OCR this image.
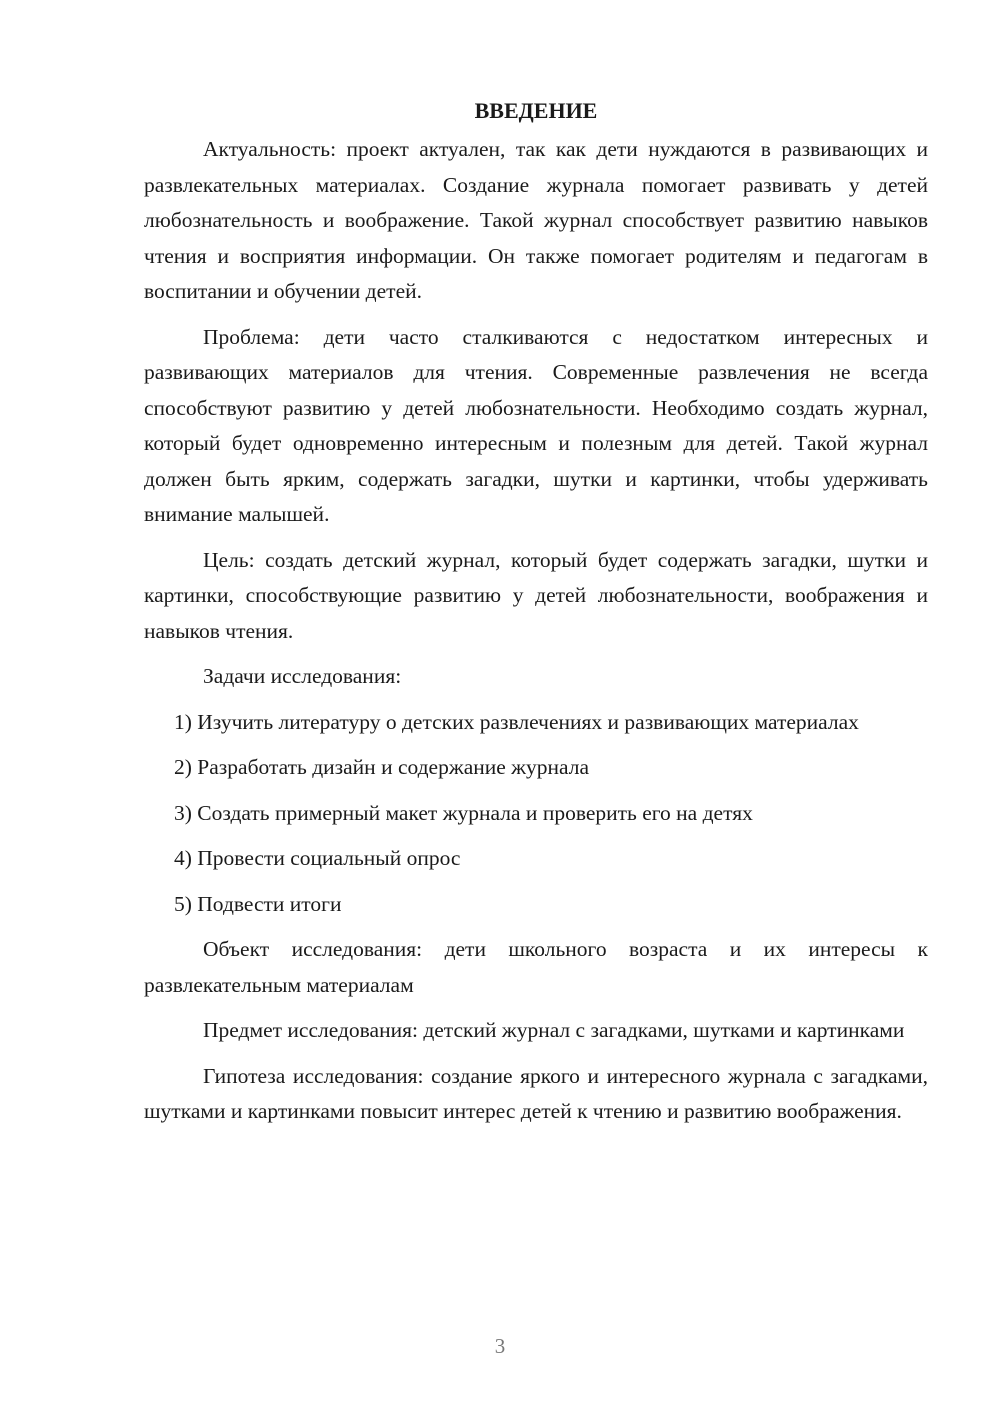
ВВЕДЕНИЕ

Актуальность: проект актуален, так как дети нуждаются в развивающих и развлекательных материалах. Создание журнала помогает развивать у детей любознательность и воображение. Такой журнал способствует развитию навыков чтения и восприятия информации. Он также помогает родителям и педагогам в воспитании и обучении детей.

Проблема: дети часто сталкиваются с недостатком интересных и развивающих материалов для чтения. Современные развлечения не всегда способствуют развитию у детей любознательности. Необходимо создать журнал, который будет одновременно интересным и полезным для детей. Такой журнал должен быть ярким, содержать загадки, шутки и картинки, чтобы удерживать внимание малышей.

Цель: создать детский журнал, который будет содержать загадки, шутки и картинки, способствующие развитию у детей любознательности, воображения и навыков чтения.

Задачи исследования:

1) Изучить литературу о детских развлечениях и развивающих материалах

2) Разработать дизайн и содержание журнала

3) Создать примерный макет журнала и проверить его на детях

4) Провести социальный опрос

5) Подвести итоги

Объект исследования: дети школьного возраста и их интересы к развлекательным материалам

Предмет исследования: детский журнал с загадками, шутками и картинками

Гипотеза исследования: создание яркого и интересного журнала с загадками, шутками и картинками повысит интерес детей к чтению и развитию воображения.

3
